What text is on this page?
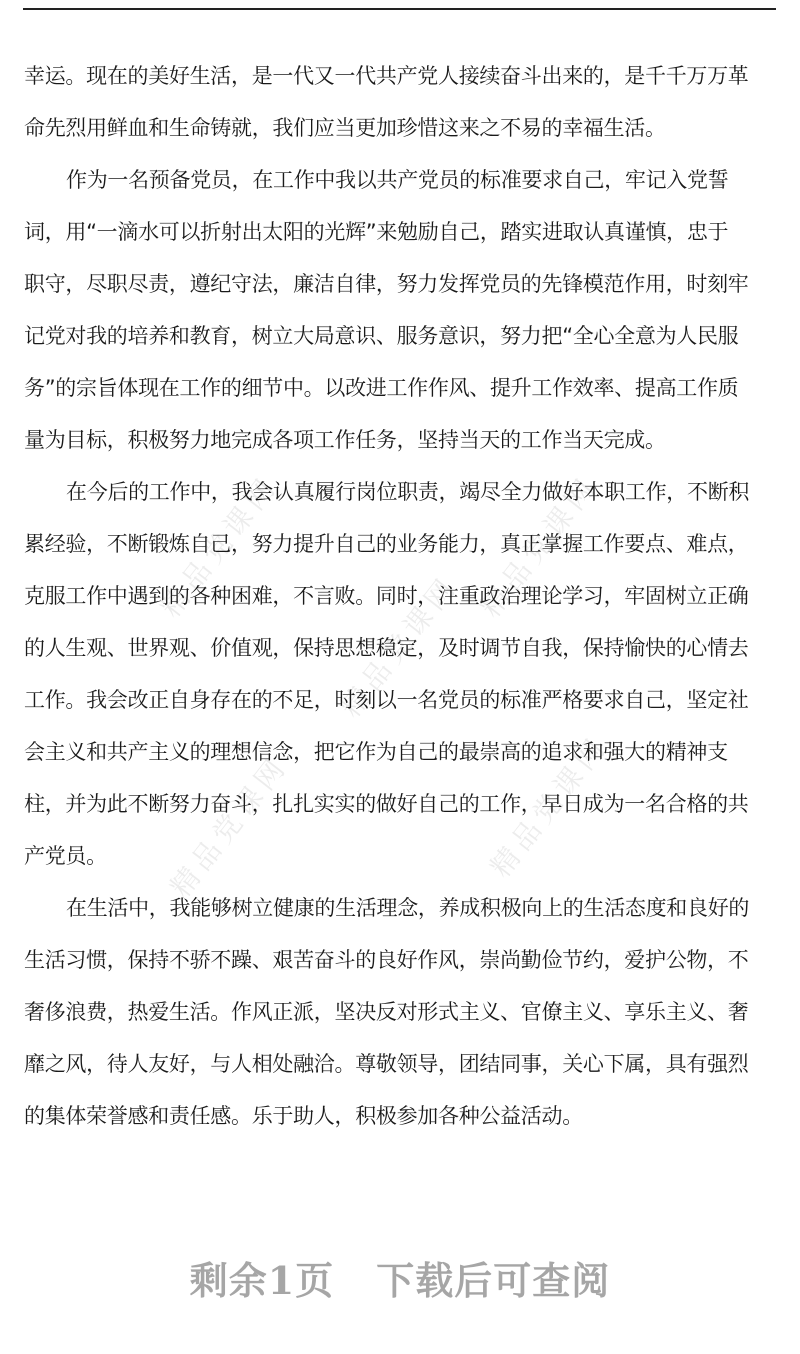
精品党课网	精品党课网
精品党课网	精品党课网
精品党课网
幸运。现在的美好生活，是一代又一代共产党人接续奋斗出来的，是千千万万革
命先烈用鲜血和生命铸就，我们应当更加珍惜这来之不易的幸福生活。
作为一名预备党员，在工作中我以共产党员的标准要求自己，牢记入党誓
词，用“一滴水可以折射出太阳的光辉”来勉励自己，踏实进取认真谨慎，忠于
职守，尽职尽责，遵纪守法，廉洁自律，努力发挥党员的先锋模范作用，时刻牢
记党对我的培养和教育，树立大局意识、服务意识，努力把“全心全意为人民服
务”的宗旨体现在工作的细节中。以改进工作作风、提升工作效率、提高工作质
量为目标，积极努力地完成各项工作任务，坚持当天的工作当天完成。
在今后的工作中，我会认真履行岗位职责，竭尽全力做好本职工作，不断积
累经验，不断锻炼自己，努力提升自己的业务能力，真正掌握工作要点、难点，
克服工作中遇到的各种困难，不言败。同时，注重政治理论学习，牢固树立正确
的人生观、世界观、价值观，保持思想稳定，及时调节自我，保持愉快的心情去
工作。我会改正自身存在的不足，时刻以一名党员的标准严格要求自己，坚定社
会主义和共产主义的理想信念，把它作为自己的最崇高的追求和强大的精神支
柱，并为此不断努力奋斗，扎扎实实的做好自己的工作，早日成为一名合格的共
产党员。
在生活中，我能够树立健康的生活理念，养成积极向上的生活态度和良好的
生活习惯，保持不骄不躁、艰苦奋斗的良好作风，崇尚勤俭节约，爱护公物，不
奢侈浪费，热爱生活。作风正派，坚决反对形式主义、官僚主义、享乐主义、奢
靡之风，待人友好，与人相处融洽。尊敬领导，团结同事，关心下属，具有强烈
的集体荣誉感和责任感。乐于助人，积极参加各种公益活动。
剩余1页 下载后可查阅
